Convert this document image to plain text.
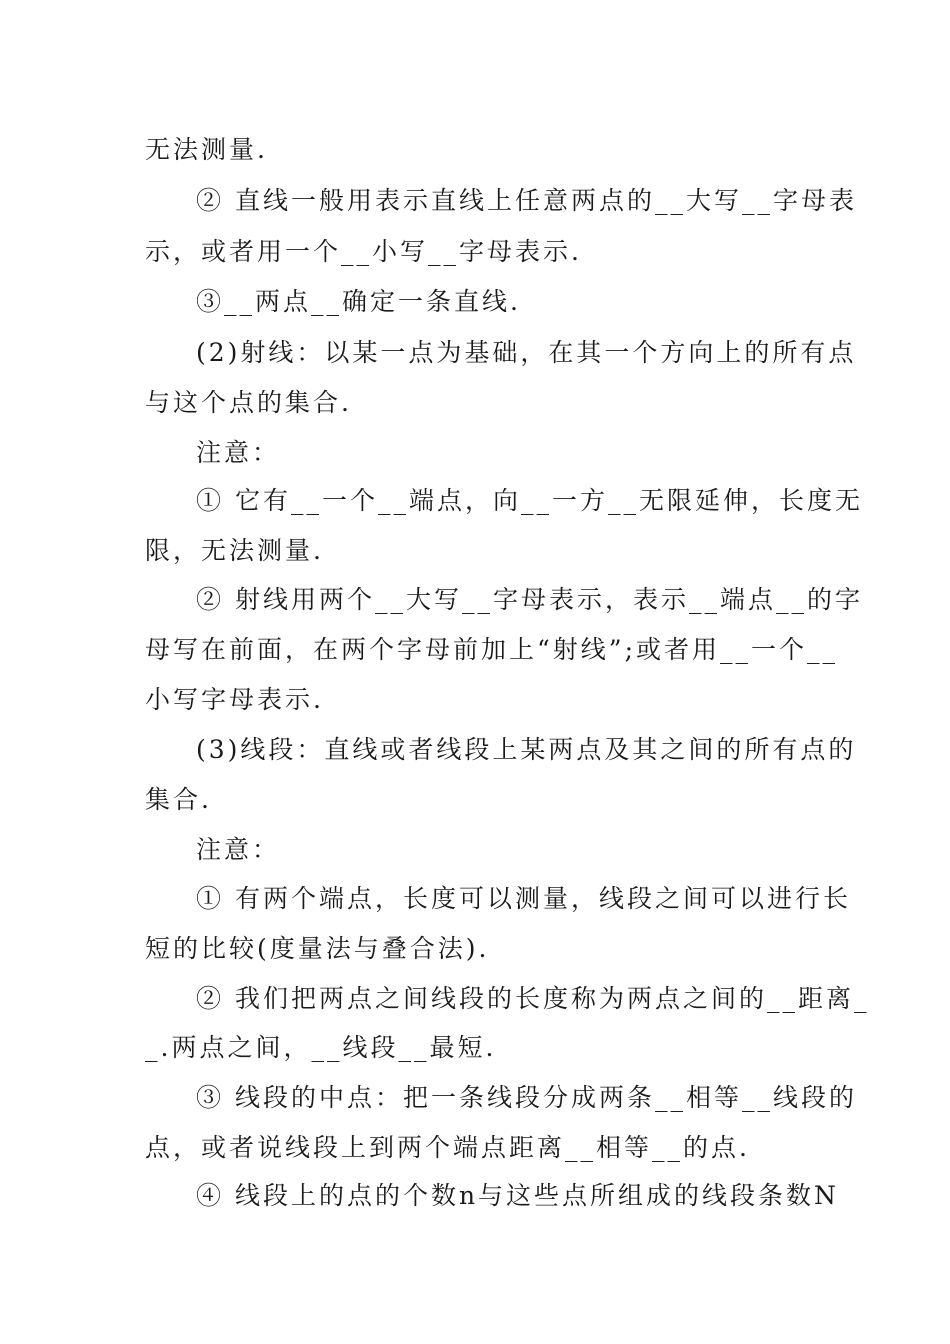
无法测量.
② 直线一般用表示直线上任意两点的__大写__字母表
示，或者用一个__小写__字母表示.
③__两点__确定一条直线.
(2)射线：以某一点为基础，在其一个方向上的所有点
与这个点的集合.
注意：
① 它有__一个__端点，向__一方__无限延伸，长度无
限，无法测量.
② 射线用两个__大写__字母表示，表示__端点__的字
母写在前面，在两个字母前加上“射线”;或者用__一个__
小写字母表示.
(3)线段：直线或者线段上某两点及其之间的所有点的
集合.
注意：
① 有两个端点，长度可以测量，线段之间可以进行长
短的比较(度量法与叠合法).
② 我们把两点之间线段的长度称为两点之间的__距离_
_.两点之间，__线段__最短.
③ 线段的中点：把一条线段分成两条__相等__线段的
点，或者说线段上到两个端点距离__相等__的点.
④ 线段上的点的个数n与这些点所组成的线段条数N
